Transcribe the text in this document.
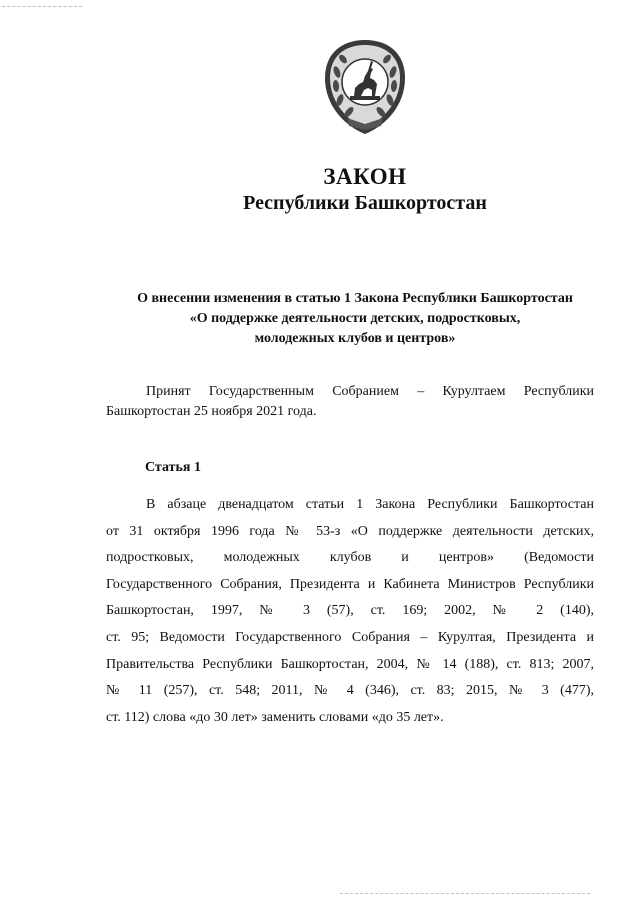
ЗАКОН
Республики Башкортостан
О внесении изменения в статью 1 Закона Республики Башкортостан
«О поддержке деятельности детских, подростковых,
молодежных клубов и центров»
Принят Государственным Собранием – Курултаем Республики
Башкортостан 25 ноября 2021 года.
Статья 1
В абзаце двенадцатом статьи 1 Закона Республики Башкортостан
от 31 октября 1996 года № 53-з «О поддержке деятельности детских,
подростковых, молодежных клубов и центров» (Ведомости
Государственного Собрания, Президента и Кабинета Министров Республики
Башкортостан, 1997, № 3 (57), ст. 169; 2002, № 2 (140),
ст. 95; Ведомости Государственного Собрания – Курултая, Президента и
Правительства Республики Башкортостан, 2004, № 14 (188), ст. 813; 2007,
№ 11 (257), ст. 548; 2011, № 4 (346), ст. 83; 2015, № 3 (477),
ст. 112) слова «до 30 лет» заменить словами «до 35 лет».
